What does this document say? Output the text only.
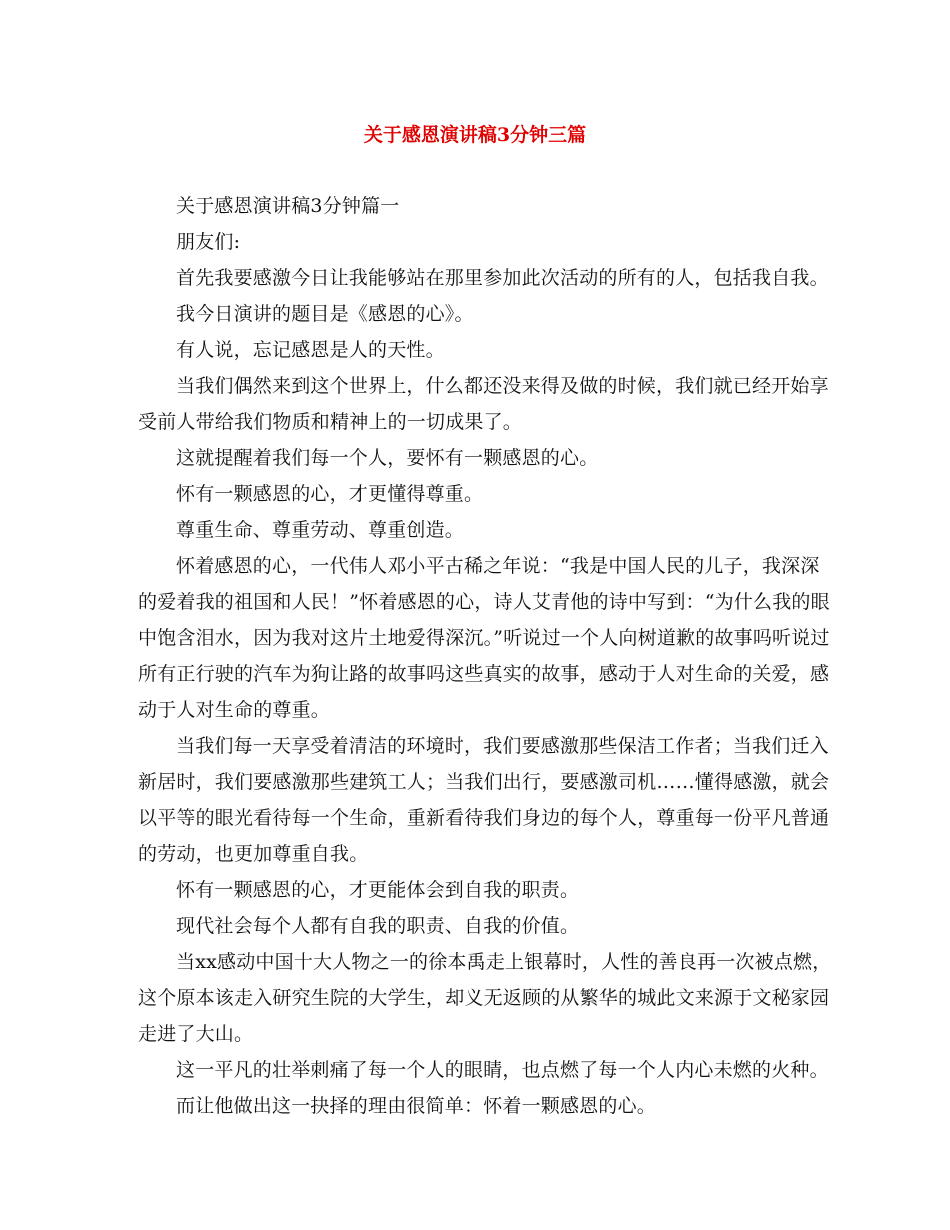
关于感恩演讲稿3分钟三篇

关于感恩演讲稿3分钟篇一

朋友们:

首先我要感激今日让我能够站在那里参加此次活动的所有的人，包括我自我。

我今日演讲的题目是《感恩的心》。

有人说，忘记感恩是人的天性。

当我们偶然来到这个世界上，什么都还没来得及做的时候，我们就已经开始享受前人带给我们物质和精神上的一切成果了。

这就提醒着我们每一个人，要怀有一颗感恩的心。

怀有一颗感恩的心，才更懂得尊重。

尊重生命、尊重劳动、尊重创造。

怀着感恩的心，一代伟人邓小平古稀之年说：“我是中国人民的儿子，我深深的爱着我的祖国和人民！”怀着感恩的心，诗人艾青他的诗中写到：“为什么我的眼中饱含泪水，因为我对这片土地爱得深沉。”听说过一个人向树道歉的故事吗听说过所有正行驶的汽车为狗让路的故事吗这些真实的故事，感动于人对生命的关爱，感动于人对生命的尊重。

当我们每一天享受着清洁的环境时，我们要感激那些保洁工作者；当我们迁入新居时，我们要感激那些建筑工人；当我们出行，要感激司机……懂得感激，就会以平等的眼光看待每一个生命，重新看待我们身边的每个人，尊重每一份平凡普通的劳动，也更加尊重自我。

怀有一颗感恩的心，才更能体会到自我的职责。

现代社会每个人都有自我的职责、自我的价值。

当xx感动中国十大人物之一的徐本禹走上银幕时，人性的善良再一次被点燃，这个原本该走入研究生院的大学生，却义无返顾的从繁华的城此文来源于文秘家园走进了大山。

这一平凡的壮举刺痛了每一个人的眼睛，也点燃了每一个人内心未燃的火种。

而让他做出这一抉择的理由很简单：怀着一颗感恩的心。
